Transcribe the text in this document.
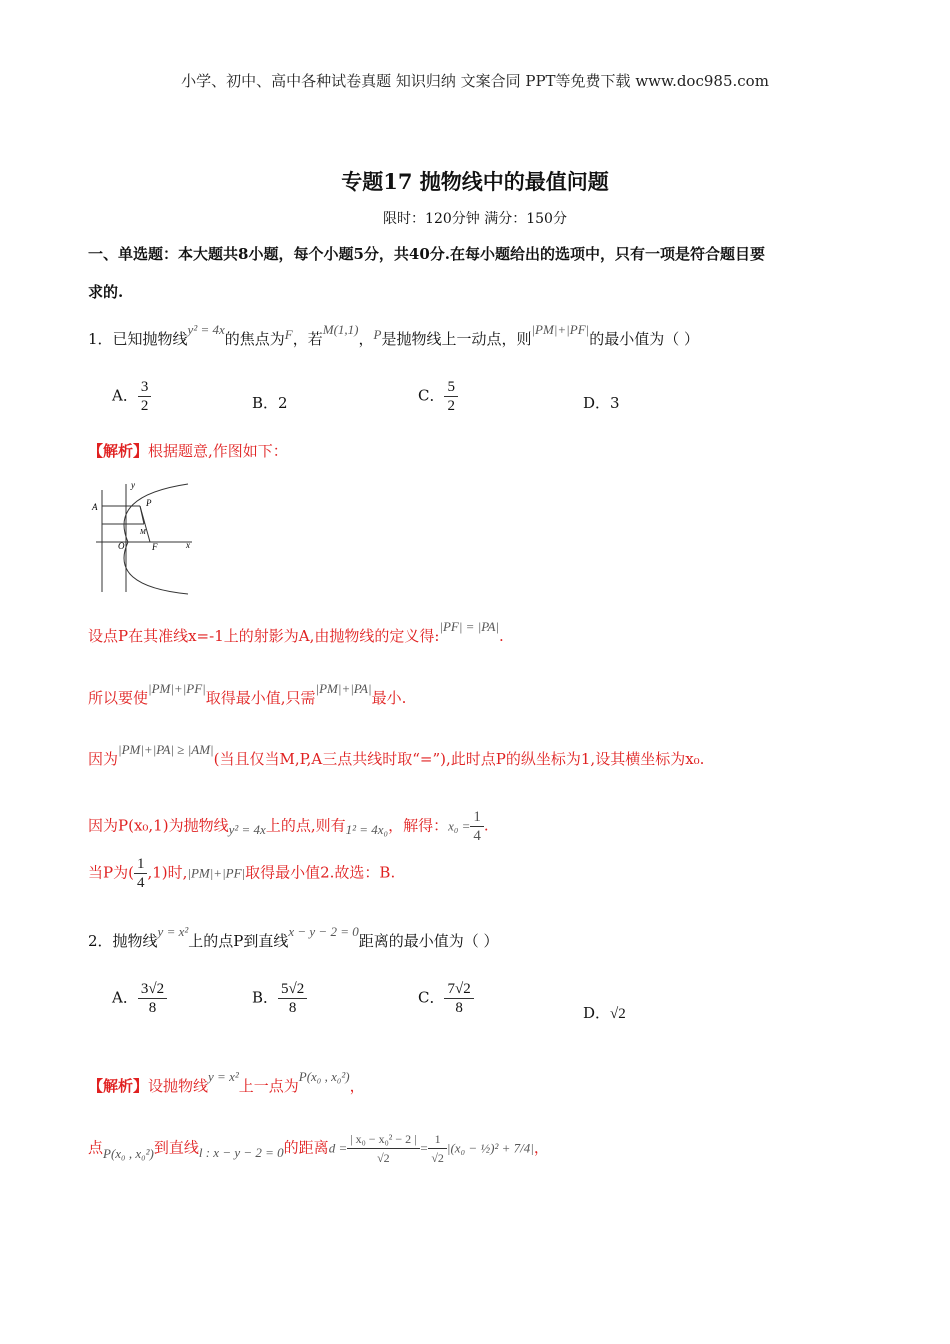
小学、初中、高中各种试卷真题 知识归纳 文案合同 PPT等免费下载 www.doc985.com
专题17 抛物线中的最值问题
限时：120分钟 满分：150分
一、单选题：本大题共8小题，每个小题5分，共40分.在每小题给出的选项中，只有一项是符合题目要
求的.
1．已知抛物线y² = 4x的焦点为F，若M(1,1)，P是抛物线上一动点，则|PM|+|PF|的最小值为（ ）
A． $\frac{3}{2}$	B．2	C． $\frac{5}{2}$	D．3
【解析】根据题意,作图如下：
A
y
P
O
M
F	x
设点P在其准线x=-1上的射影为A,由抛物线的定义得:|PF| = |PA|.
所以要使|PM|+|PF|取得最小值,只需|PM|+|PA|最小.
因为|PM|+|PA| ≥ |AM|(当且仅当M,P,A三点共线时取“=”),此时点P的纵坐标为1,设其横坐标为x₀.
因为P(x₀,1)为抛物线y² = 4x上的点,则有1² = 4x₀，解得：$x_0 = \frac{1}{4}$ .
当P为( $\frac{1}{4} ,1$)时,|PM|+|PF|取得最小值2.故选：B.
2．抛物线y = x²上的点P到直线x − y − 2 = 0距离的最小值为（ ）
A． $\frac{3√2}{8}$	B． $\frac{5√2}{8}$	C． $\frac{7√2}{8}$	D．√2
【解析】设抛物线y = x²上一点为P(x₀ , x₀²)，
点P(x₀ , x₀²)到直线l : x − y − 2 = 0的距离$d = \frac{\text{| x₀ − x₀² − 2 |}}{√2} = \frac{1}{√2} |(x_0$ − ½)² + 7/4|，
